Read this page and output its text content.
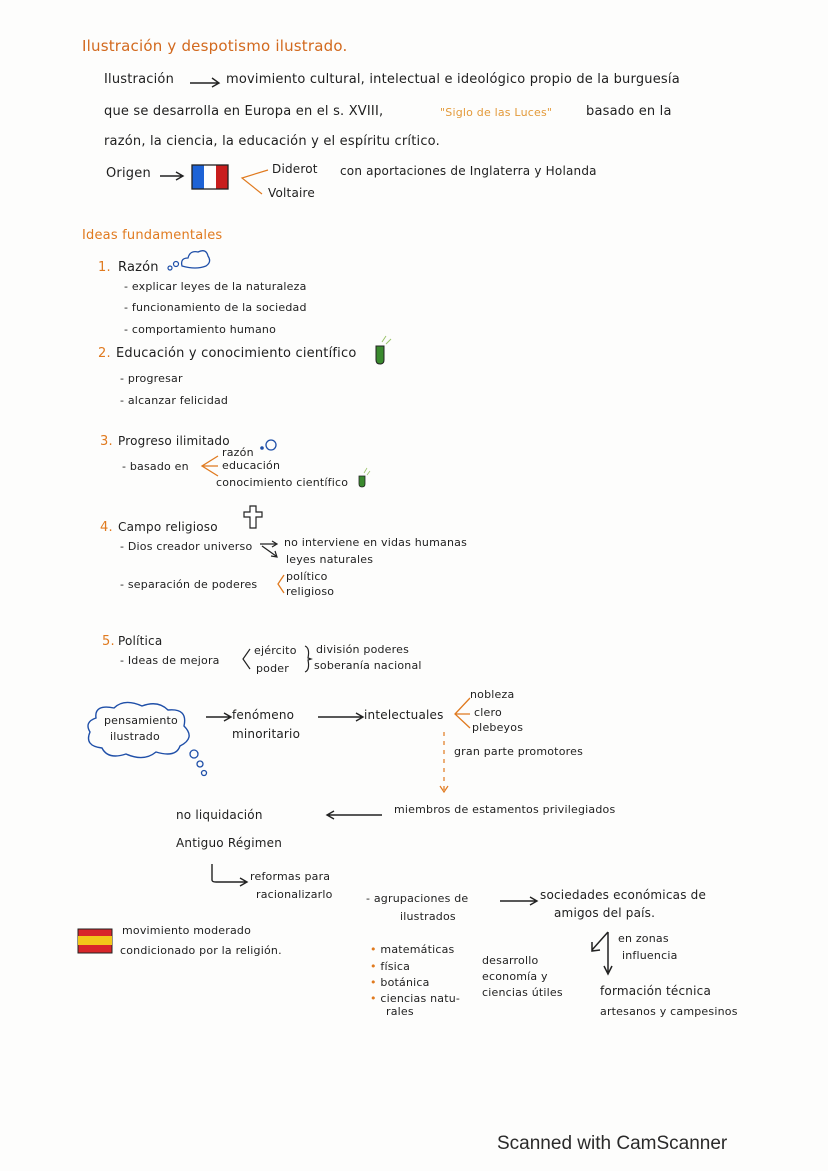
Ilustración y despotismo ilustrado.
Ilustración	movimiento cultural, intelectual e ideológico propio de la burguesía
que se desarrolla en Europa en el s. XVIII,	"Siglo de las Luces"	basado en la
razón, la ciencia, la educación y el espíritu crítico.
Origen	Diderot
Voltaire
con aportaciones de Inglaterra y Holanda
Ideas fundamentales
1. Razón
- explicar leyes de la naturaleza
- funcionamiento de la sociedad
- comportamiento humano
2. Educación y conocimiento científico
- progresar
- alcanzar felicidad
3. Progreso ilimitado
- basado en
razón
educación
conocimiento científico
4. Campo religioso
- Dios creador universo	no interviene en vidas humanas
leyes naturales
- separación de poderes
político
religioso
5. Política
- Ideas de mejora
ejército
poder
división poderes
soberanía nacional
pensamiento
ilustrado
fenómeno
minoritario
intelectuales
nobleza
clero
plebeyos
gran parte promotores
miembros de estamentos privilegiados
no liquidación
Antiguo Régimen
reformas para
racionalizarlo	- agrupaciones de
ilustrados
sociedades económicas de
amigos del país.
en zonas
influencia
• matemáticas
• física
• botánica
• ciencias natu-
rales
desarrollo
economía y
ciencias útiles	formación técnica
artesanos y campesinos
movimiento moderado
condicionado por la religión.
Scanned with CamScanner
